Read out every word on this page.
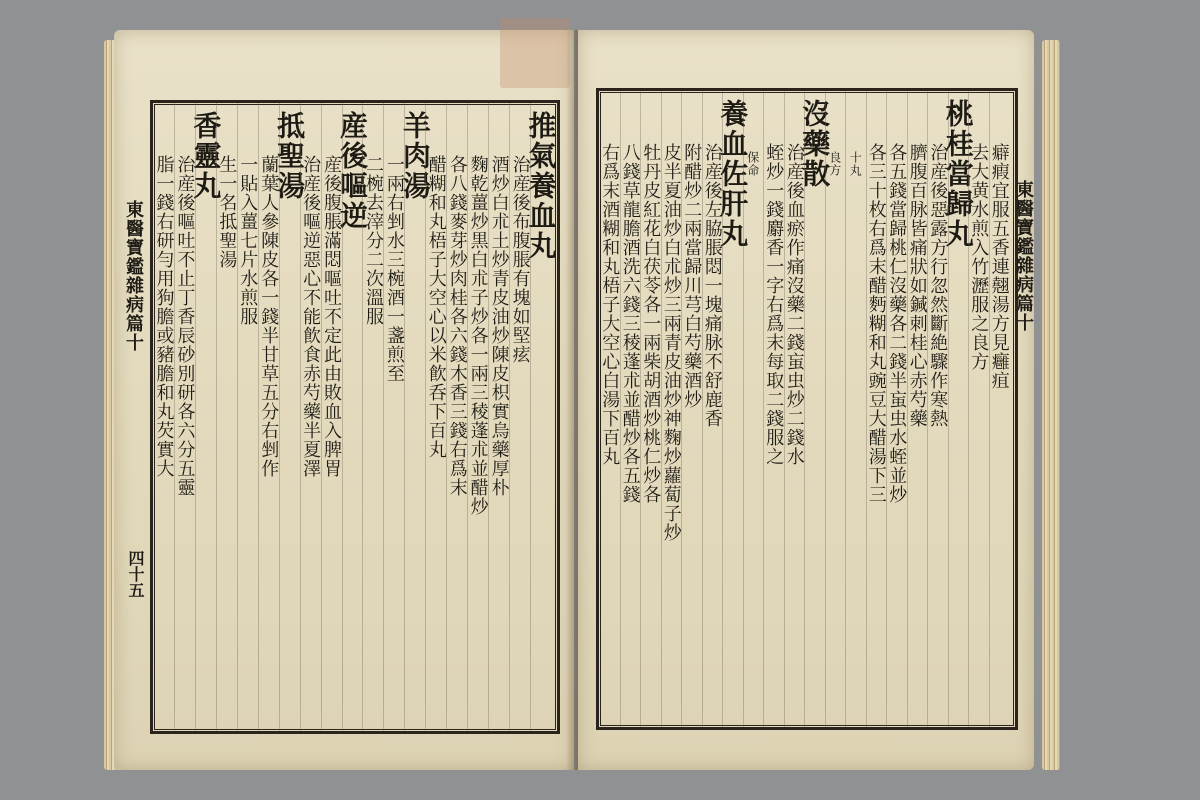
推氣養血丸
治産後布腹脹有塊如堅痃
酒炒白朮土炒青皮油炒陳皮枳實烏藥厚朴
麴乾薑炒黒白朮子炒各一兩三稜蓬朮並醋炒
各八錢麥芽炒肉桂各六錢木香三錢右爲末
醋糊和丸梧子大空心以米飮呑下百丸
羊肉湯
一兩右剉水三椀酒一盞煎至
二椀去滓分二次溫服
産後嘔逆
産後腹脹滿悶嘔吐不定此由敗血入脾胃
治産後嘔逆惡心不能飮食赤芍藥半夏澤
抵聖湯
蘭葉人參陳皮各一錢半甘草五分右剉作
一貼入薑七片水煎服
生一名抵聖湯
香靈丸
治産後嘔吐不止丁香辰砂別研各六分五靈
脂一錢右研勻用狗膽或豬膽和丸芡實大
東醫寶鑑雜病篇十
四十五
癖瘕宜服五香連翹湯方見癰疽
去大黄水煎入竹瀝服之良方
桃桂當歸丸
治産後惡露方行忽然斷絶驟作寒熱
臍腹百脉皆痛狀如鍼刺桂心赤芍藥
各五錢當歸桃仁沒藥各二錢半䖟虫水蛭並炒
各三十枚右爲末醋麪糊和丸豌豆大醋湯下三
十丸
良方
沒藥散
治産後血瘀作痛沒藥二錢䖟虫炒二錢水
蛭炒一錢麝香一字右爲末每取二錢服之
保命
養血佐肝丸
治産後左脇脹悶一塊痛脉不舒鹿香
附醋炒二兩當歸川芎白芍藥酒炒
皮半夏油炒白朮炒三兩青皮油炒神麴炒蘿蔔子炒
牡丹皮紅花白茯苓各一兩柴胡酒炒桃仁炒各
八錢草龍膽酒洗六錢三稜蓬朮並醋炒各五錢
右爲末酒糊和丸梧子大空心白湯下百丸	東醫寶鑑雜病篇十
